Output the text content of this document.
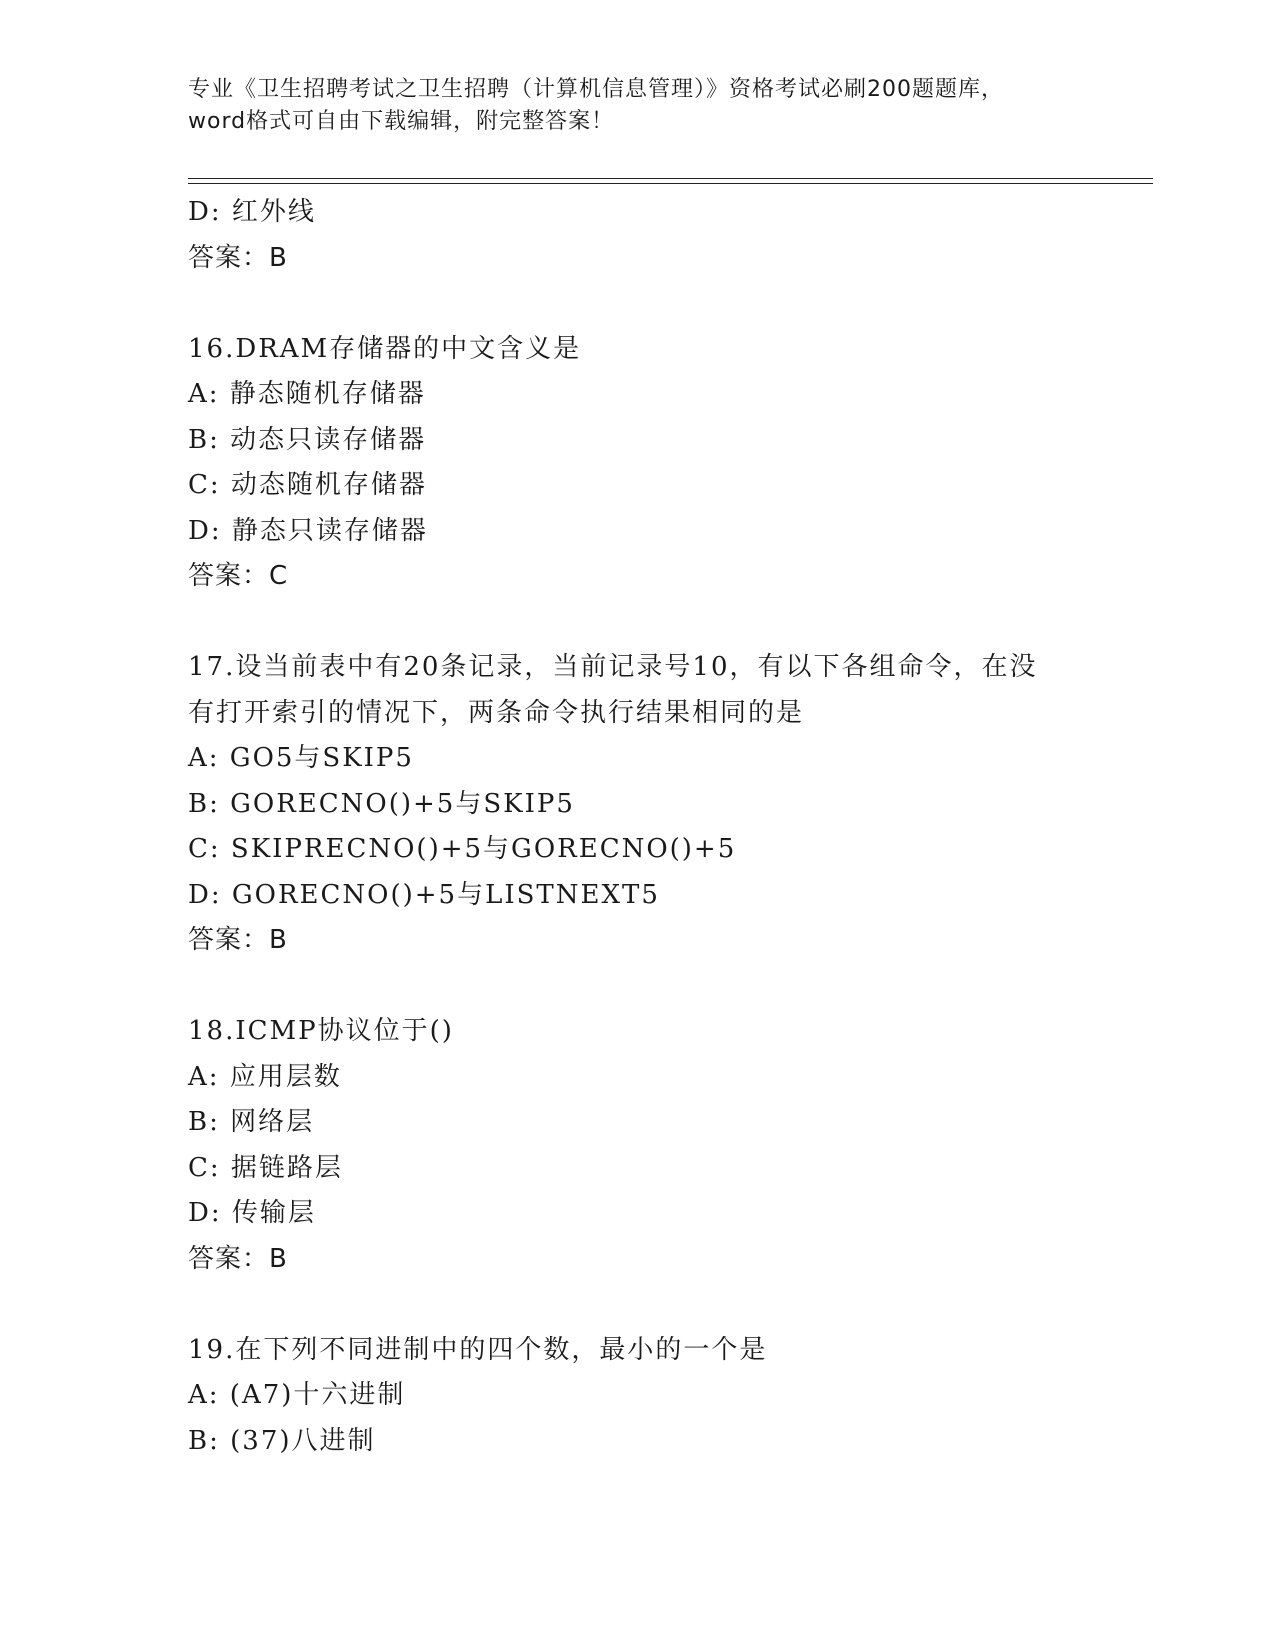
专业《卫生招聘考试之卫生招聘（计算机信息管理）》资格考试必刷200题题库，
word格式可自由下载编辑，附完整答案！
D: 红外线
答案：B
16.DRAM存储器的中文含义是
A: 静态随机存储器
B: 动态只读存储器
C: 动态随机存储器
D: 静态只读存储器
答案：C
17.设当前表中有20条记录，当前记录号10，有以下各组命令，在没
有打开索引的情况下，两条命令执行结果相同的是
A: GO5与SKIP5
B: GORECNO()+5与SKIP5
C: SKIPRECNO()+5与GORECNO()+5
D: GORECNO()+5与LISTNEXT5
答案：B
18.ICMP协议位于()
A: 应用层数
B: 网络层
C: 据链路层
D: 传输层
答案：B
19.在下列不同进制中的四个数，最小的一个是
A: (A7)十六进制
B: (37)八进制
